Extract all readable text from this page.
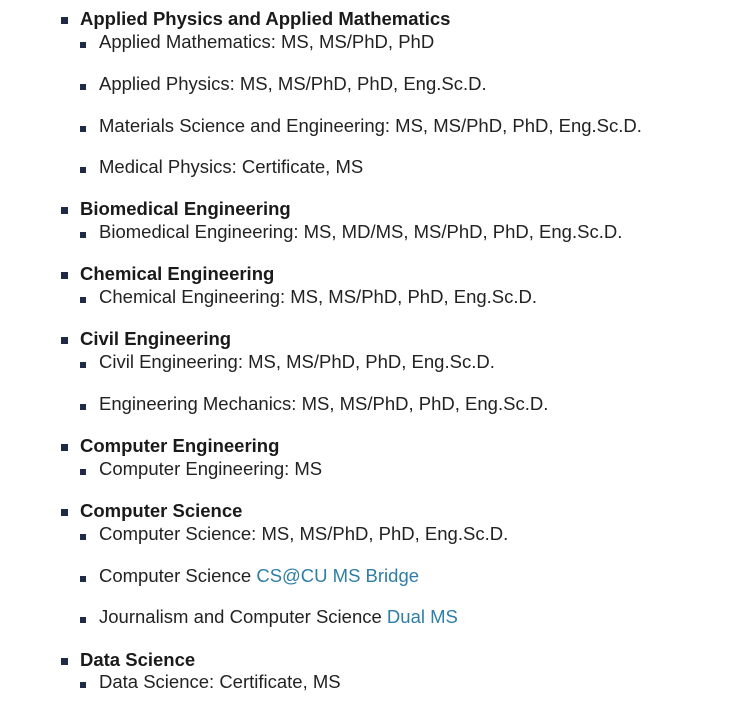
Applied Physics and Applied Mathematics
Applied Mathematics: MS, MS/PhD, PhD
Applied Physics: MS, MS/PhD, PhD, Eng.Sc.D.
Materials Science and Engineering: MS, MS/PhD, PhD, Eng.Sc.D.
Medical Physics: Certificate, MS
Biomedical Engineering
Biomedical Engineering: MS, MD/MS, MS/PhD, PhD, Eng.Sc.D.
Chemical Engineering
Chemical Engineering: MS, MS/PhD, PhD, Eng.Sc.D.
Civil Engineering
Civil Engineering: MS, MS/PhD, PhD, Eng.Sc.D.
Engineering Mechanics: MS, MS/PhD, PhD, Eng.Sc.D.
Computer Engineering
Computer Engineering: MS
Computer Science
Computer Science: MS, MS/PhD, PhD, Eng.Sc.D.
Computer Science CS@CU MS Bridge
Journalism and Computer Science Dual MS
Data Science
Data Science: Certificate, MS
